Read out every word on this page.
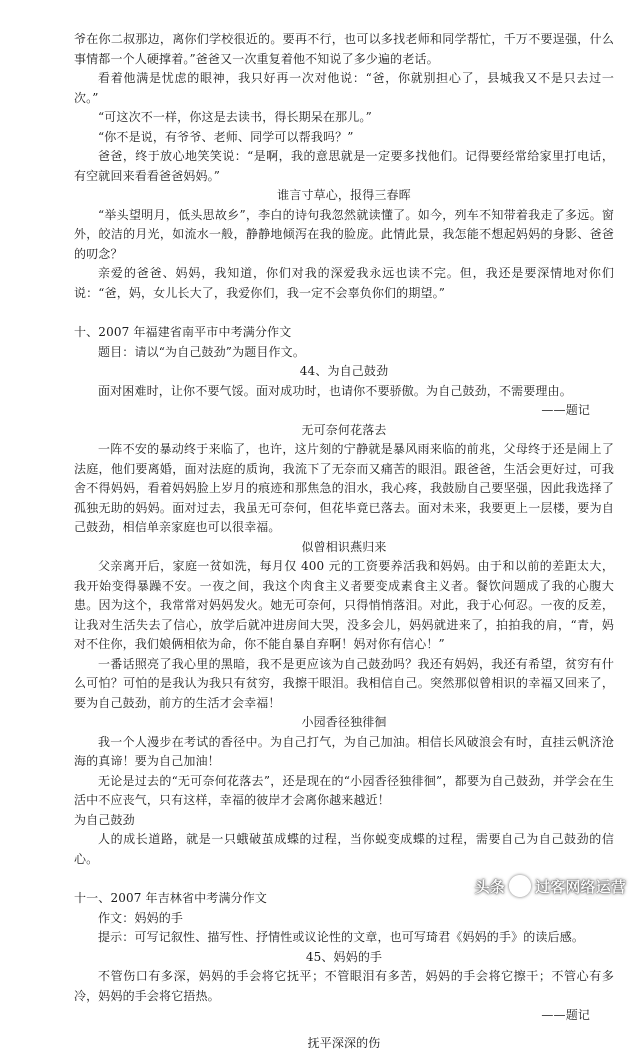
爷在你二叔那边，离你们学校很近的。要再不行，也可以多找老师和同学帮忙，千万不要逞强，什么事情都一个人硬撑着。”爸爸又一次重复着他不知说了多少遍的老话。

看着他满是忧虑的眼神，我只好再一次对他说：“爸，你就别担心了，县城我又不是只去过一次。”

“可这次不一样，你这是去读书，得长期呆在那儿。”

“你不是说，有爷爷、老师、同学可以帮我吗？”

爸爸，终于放心地笑笑说：“是啊，我的意思就是一定要多找他们。记得要经常给家里打电话，有空就回来看看爸爸妈妈。”

谁言寸草心，报得三春晖

“举头望明月，低头思故乡”，李白的诗句我忽然就读懂了。如今，列车不知带着我走了多远。窗外，皎洁的月光，如流水一般，静静地倾泻在我的脸庞。此情此景，我怎能不想起妈妈的身影、爸爸的叨念？

亲爱的爸爸、妈妈，我知道，你们对我的深爱我永远也读不完。但，我还是要深情地对你们说：“爸，妈，女儿长大了，我爱你们，我一定不会辜负你们的期望。”

十、2007 年福建省南平市中考满分作文

题目：请以“为自己鼓劲”为题目作文。

44、为自己鼓劲

面对困难时，让你不要气馁。面对成功时，也请你不要骄傲。为自己鼓劲，不需要理由。

——题记

无可奈何花落去

一阵不安的暴动终于来临了，也许，这片刻的宁静就是暴风雨来临的前兆，父母终于还是闹上了法庭，他们要离婚，面对法庭的质询，我流下了无奈而又痛苦的眼泪。跟爸爸，生活会更好过，可我舍不得妈妈，看着妈妈脸上岁月的痕迹和那焦急的泪水，我心疼，我鼓励自己要坚强，因此我选择了孤独无助的妈妈。面对过去，我虽无可奈何，但花毕竟已落去。面对未来，我要更上一层楼，要为自己鼓劲，相信单亲家庭也可以很幸福。

似曾相识燕归来

父亲离开后，家庭一贫如洗，每月仅 400 元的工资要养活我和妈妈。由于和以前的差距太大，我开始变得暴躁不安。一夜之间，我这个肉食主义者要变成素食主义者。餐饮问题成了我的心腹大患。因为这个，我常常对妈妈发火。她无可奈何，只得悄悄落泪。对此，我于心何忍。一夜的反差，让我对生活失去了信心，放学后就冲进房间大哭，没多会儿，妈妈就进来了，拍拍我的肩，“青，妈对不住你，我们娘俩相依为命，你不能自暴自弃啊！妈对你有信心！”

一番话照亮了我心里的黑暗，我不是更应该为自己鼓劲吗？我还有妈妈，我还有希望，贫穷有什么可怕？可怕的是我认为我只有贫穷，我擦干眼泪。我相信自己。突然那似曾相识的幸福又回来了，要为自己鼓劲，前方的生活才会幸福！

小园香径独徘徊

我一个人漫步在考试的香径中。为自己打气，为自己加油。相信长风破浪会有时，直挂云帆济沧海的真谛！要为自己加油！

无论是过去的“无可奈何花落去”，还是现在的“小园香径独徘徊”，都要为自己鼓劲，并学会在生活中不应丧气，只有这样，幸福的彼岸才会离你越来越近！

为自己鼓劲

人的成长道路，就是一只蛾破茧成蝶的过程，当你蜕变成蝶的过程，需要自己为自己鼓劲的信心。

十一、2007 年吉林省中考满分作文

作文：妈妈的手

提示：可写记叙性、描写性、抒情性或议论性的文章，也可写琦君《妈妈的手》的读后感。

45、妈妈的手

不管伤口有多深，妈妈的手会将它抚平；不管眼泪有多苦，妈妈的手会将它擦干；不管心有多冷，妈妈的手会将它捂热。

——题记

抚平深深的伤

头条 过客网络运营
